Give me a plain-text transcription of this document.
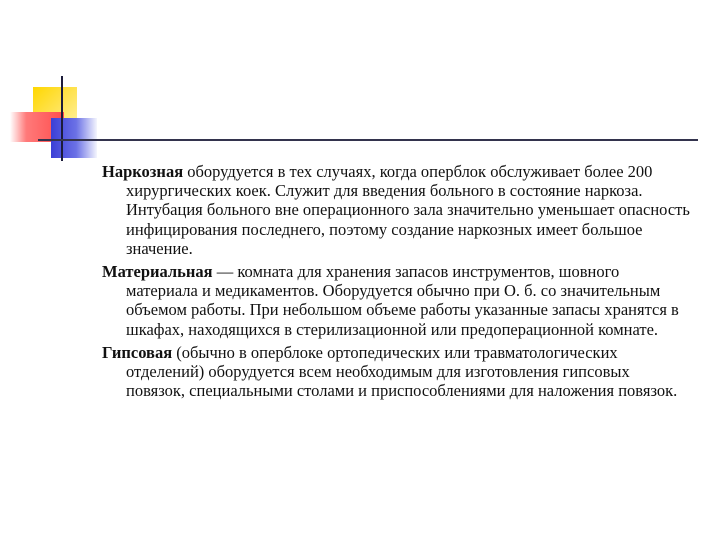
Наркозная оборудуется в тех случаях, когда оперблок обслуживает более 200 хирургических коек. Служит для введения больного в состояние наркоза. Интубация больного вне операционного зала значительно уменьшает опасность инфицирования последнего, поэтому создание наркозных имеет большое значение.

Материальная — комната для хранения запасов инструментов, шовного материала и медикаментов. Оборудуется обычно при О. б. со значительным объемом работы. При небольшом объеме работы указанные запасы хранятся в шкафах, находящихся в стерилизационной или предоперационной комнате.

Гипсовая (обычно в оперблоке ортопедических или травматологических отделений) оборудуется всем необходимым для изготовления гипсовых повязок, специальными столами и приспособлениями для наложения повязок.
